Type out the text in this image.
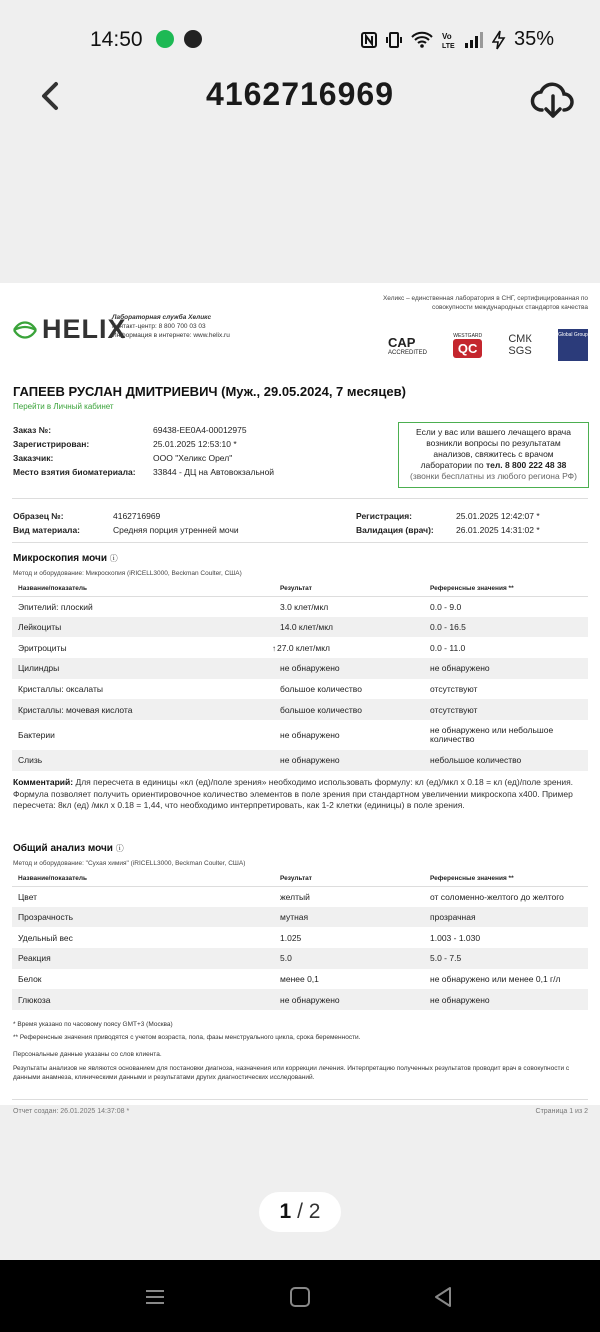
14:50	Vo
LTE	35%
4162716969
HELIX
Лабораторная служба Хеликс
Контакт-центр: 8 800 700 03 03
Информация в интернете: www.helix.ru
Хеликс – единственная лаборатория в СНГ, сертифицированная по совокупности международных стандартов качества
CAP
ACCREDITED
WESTGARD
QC
СМК
SGS
Global Group
ГАПЕЕВ РУСЛАН ДМИТРИЕВИЧ (Муж., 29.05.2024, 7 месяцев)
Перейти в Личный кабинет
Заказ №:	69438-EE0A4-00012975
Зарегистрирован:	25.01.2025 12:53:10 *
Заказчик:	ООО "Хеликс Орел"
Место взятия биоматериала:	33844 - ДЦ на Автовокзальной
Если у вас или вашего лечащего врача
возникли вопросы по результатам
анализов, свяжитесь с врачом
лаборатории по тел. 8 800 222 48 38
(звонки бесплатны из любого региона РФ)
Образец №:	4162716969
Вид материала:	Средняя порция утренней мочи
Регистрация:	25.01.2025 12:42:07 *
Валидация (врач):	26.01.2025 14:31:02 *
Микроскопия мочи ⓘ
Метод и оборудование: Микроскопия (iRICELL3000, Beckman Coulter, США)
Название/показатель	Результат	Референсные значения **
Эпителий: плоский	3.0 клет/мкл	0.0 - 9.0
Лейкоциты	14.0 клет/мкл	0.0 - 16.5
Эритроциты	↑27.0 клет/мкл	0.0 - 11.0
Цилиндры	не обнаружено	не обнаружено
Кристаллы: оксалаты	большое количество	отсутствуют
Кристаллы: мочевая кислота	большое количество	отсутствуют
Бактерии	не обнаружено	не обнаружено или небольшое количество
Слизь	не обнаружено	небольшое количество
Комментарий: Для пересчета в единицы «кл (ед)/поле зрения» необходимо использовать формулу: кл (ед)/мкл х 0.18 = кл (ед)/поле зрения. Формула позволяет получить ориентировочное количество элементов в поле зрения при стандартном увеличении микроскопа х400. Пример пересчета: 8кл (ед) /мкл х 0.18 = 1,44, что необходимо интерпретировать, как 1-2 клетки (единицы) в поле зрения.
Общий анализ мочи ⓘ
Метод и оборудование: "Сухая химия" (iRICELL3000, Beckman Coulter, США)
Название/показатель	Результат	Референсные значения **
Цвет	желтый	от соломенно-желтого до желтого
Прозрачность	мутная	прозрачная
Удельный вес	1.025	1.003 - 1.030
Реакция	5.0	5.0 - 7.5
Белок	менее 0,1	не обнаружено или менее 0,1 г/л
Глюкоза	не обнаружено	не обнаружено
* Время указано по часовому поясу GMT+3 (Москва)
** Референсные значения приводятся с учетом возраста, пола, фазы менструального цикла, срока беременности.
Персональные данные указаны со слов клиента.
Результаты анализов не являются основанием для постановки диагноза, назначения или коррекции лечения. Интерпретацию полученных результатов проводит врач в совокупности с данными анамнеза, клиническими данными и результатами других диагностических исследований.
Отчет создан: 26.01.2025 14:37:08 *	Страница 1 из 2
1 / 2
